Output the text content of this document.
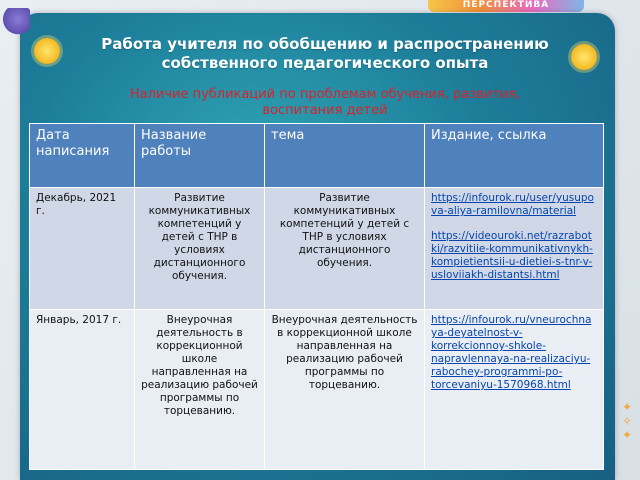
ПЕРСПЕКТИВА
✦
✧
✦
Работа учителя по обобщению и распространению собственного педагогического опыта
Наличие публикаций по проблемам обучения, развития, воспитания детей
Дата написания	Название работы	тема	Издание, ссылка
Декабрь, 2021 г.	Развитие коммуникативных компетенций у детей с ТНР в условиях дистанционного обучения.	Развитие коммуникативных компетенций у детей с ТНР в условиях дистанционного обучения.	https://infourok.ru/user/yusupova-aliya-ramilovna/material
https://videouroki.net/razrabotki/razvitiie-kommunikativnykh-kompietientsii-u-dietiei-s-tnr-v-usloviiakh-distantsi.html

Январь, 2017 г.	Внеурочная деятельность в коррекционной школе направленная на реализацию рабочей программы по торцеванию.	Внеурочная деятельность в коррекционной школе направленная на реализацию рабочей программы по торцеванию.	https://infourok.ru/vneurochnaya-deyatelnost-v-korrekcionnoy-shkole-napravlennaya-na-realizaciyu-rabochey-programmi-po-torcevaniyu-1570968.html
